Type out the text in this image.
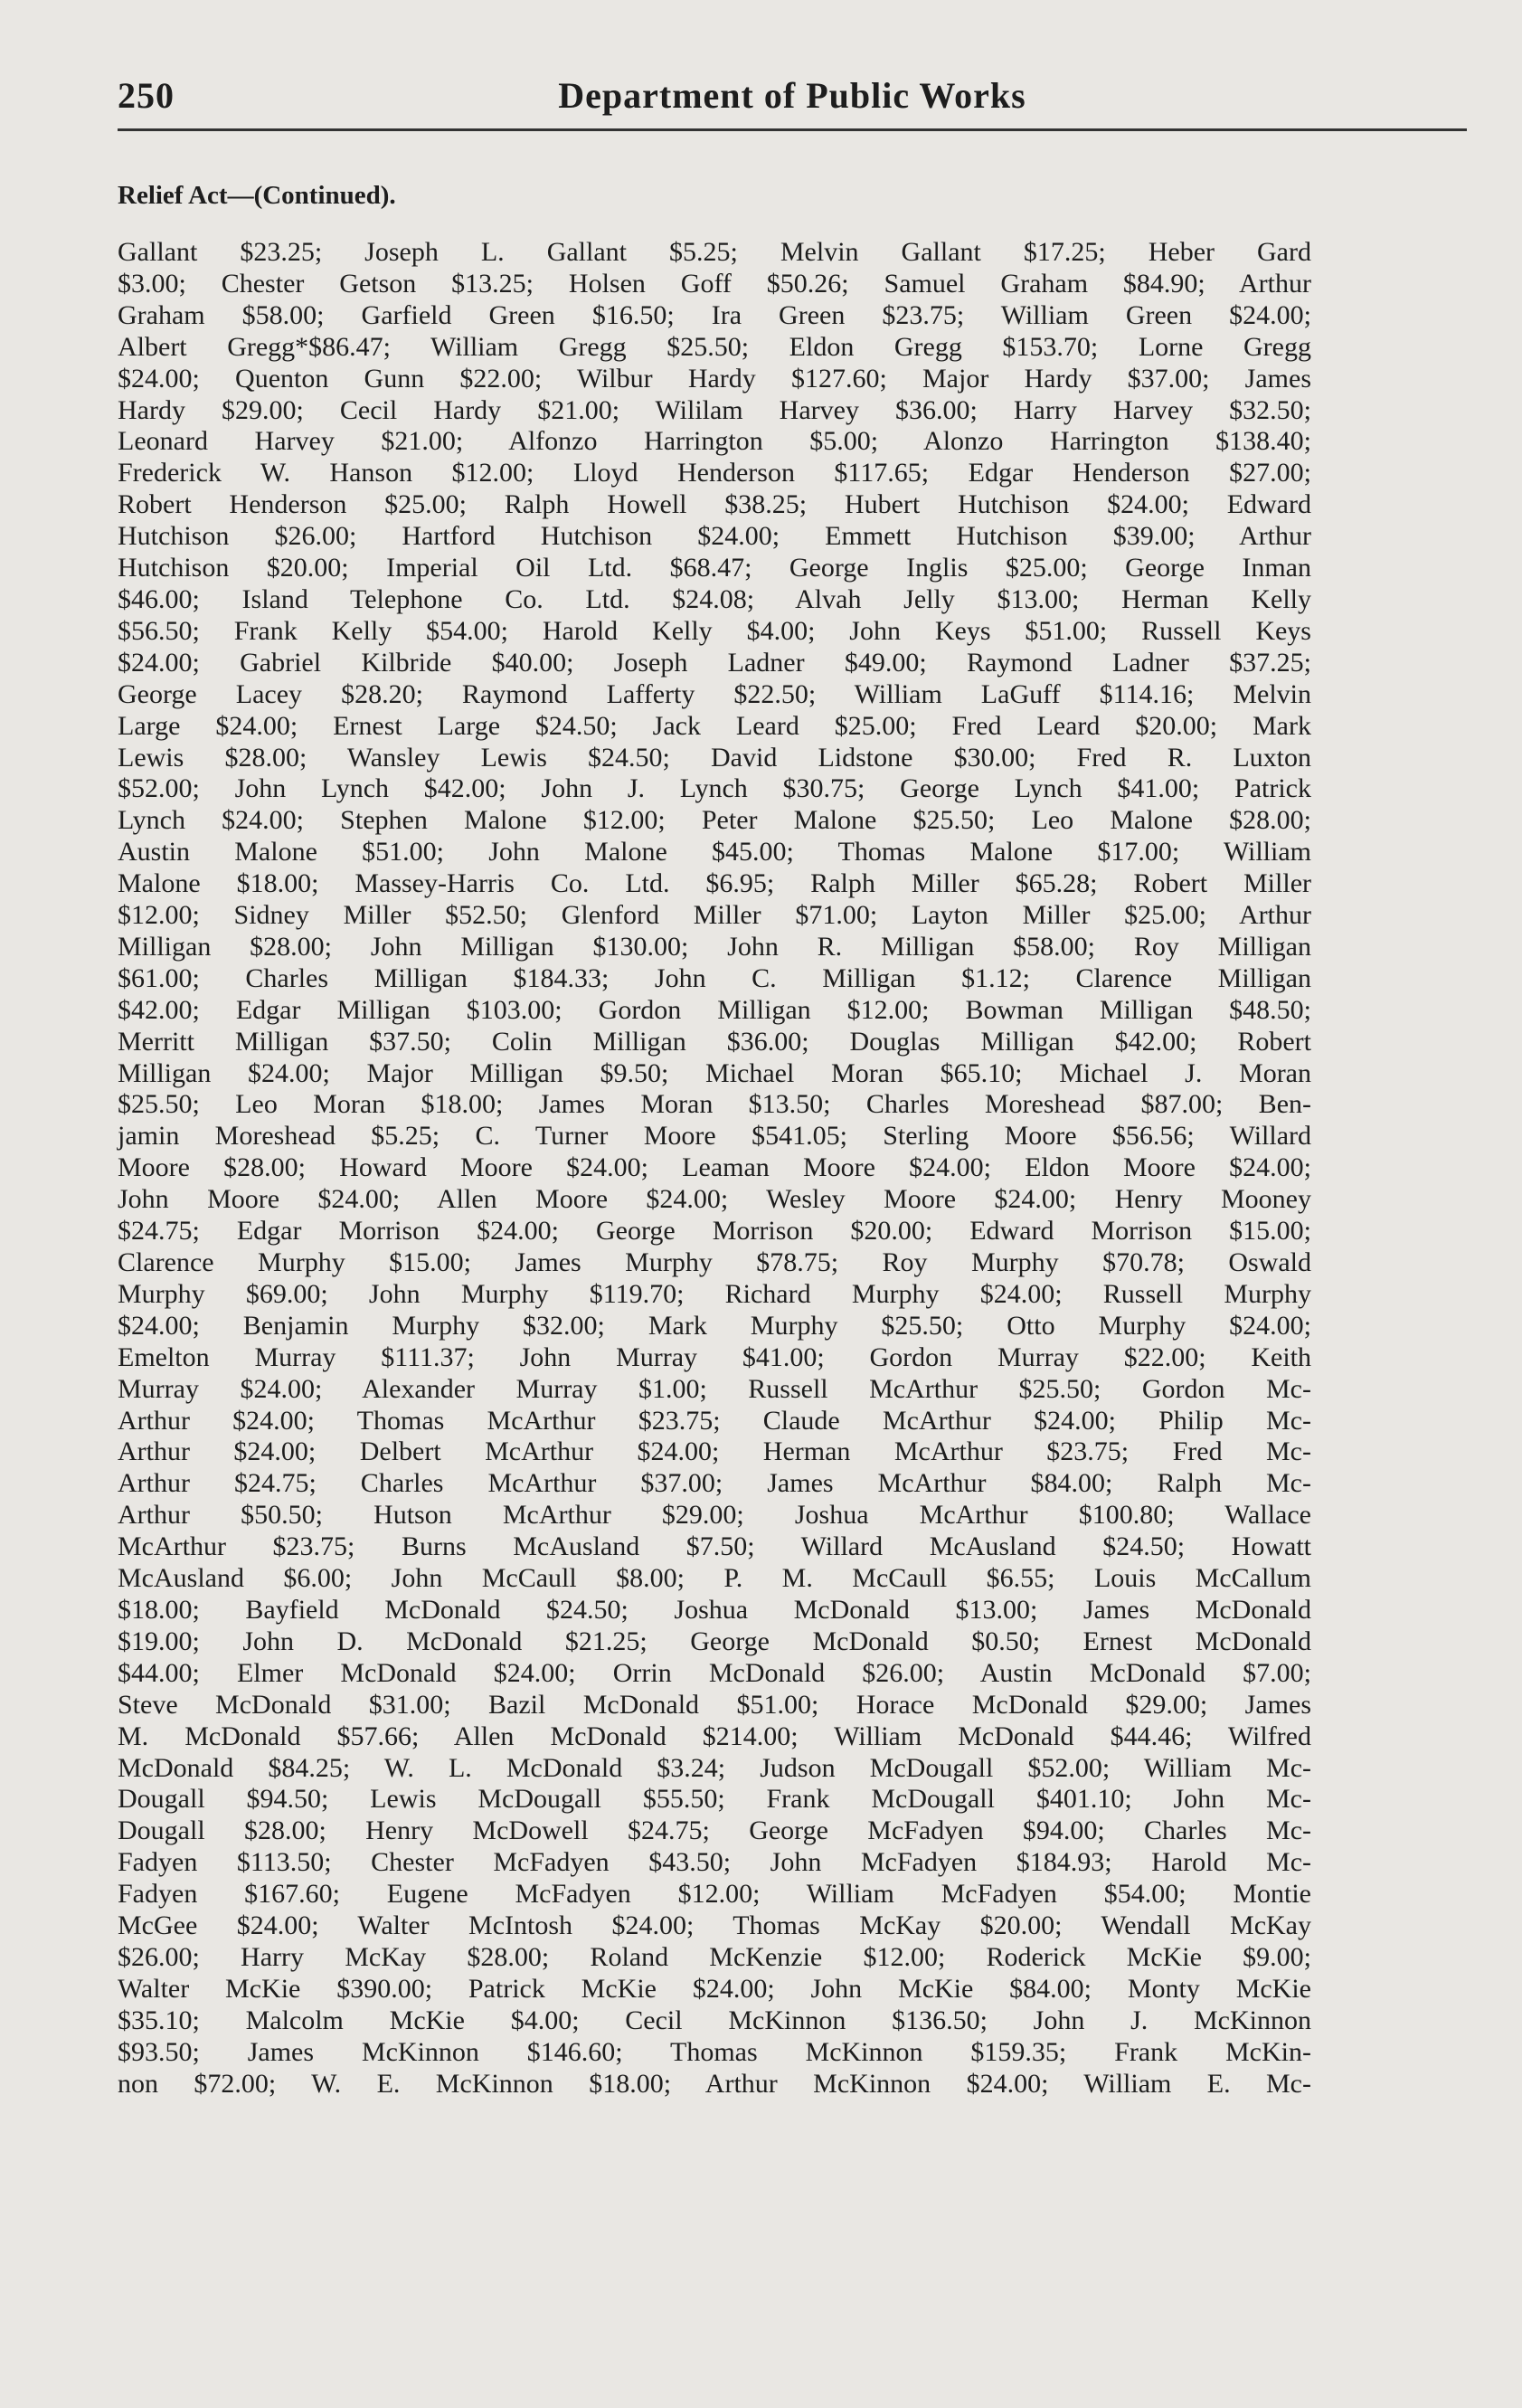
250	Department of Public Works
Relief Act—(Continued).
Gallant $23.25; Joseph L. Gallant $5.25; Melvin Gallant $17.25; Heber Gard
$3.00; Chester Getson $13.25; Holsen Goff $50.26; Samuel Graham $84.90; Arthur
Graham $58.00; Garfield Green $16.50; Ira Green $23.75; William Green $24.00;
Albert Gregg*$86.47; William Gregg $25.50; Eldon Gregg $153.70; Lorne Gregg
$24.00; Quenton Gunn $22.00; Wilbur Hardy $127.60; Major Hardy $37.00; James
Hardy $29.00; Cecil Hardy $21.00; Wililam Harvey $36.00; Harry Harvey $32.50;
Leonard Harvey $21.00; Alfonzo Harrington $5.00; Alonzo Harrington $138.40;
Frederick W. Hanson $12.00; Lloyd Henderson $117.65; Edgar Henderson $27.00;
Robert Henderson $25.00; Ralph Howell $38.25; Hubert Hutchison $24.00; Edward
Hutchison $26.00; Hartford Hutchison $24.00; Emmett Hutchison $39.00; Arthur
Hutchison $20.00; Imperial Oil Ltd. $68.47; George Inglis $25.00; George Inman
$46.00; Island Telephone Co. Ltd. $24.08; Alvah Jelly $13.00; Herman Kelly
$56.50; Frank Kelly $54.00; Harold Kelly $4.00; John Keys $51.00; Russell Keys
$24.00; Gabriel Kilbride $40.00; Joseph Ladner $49.00; Raymond Ladner $37.25;
George Lacey $28.20; Raymond Lafferty $22.50; William LaGuff $114.16; Melvin
Large $24.00; Ernest Large $24.50; Jack Leard $25.00; Fred Leard $20.00; Mark
Lewis $28.00; Wansley Lewis $24.50; David Lidstone $30.00; Fred R. Luxton
$52.00; John Lynch $42.00; John J. Lynch $30.75; George Lynch $41.00; Patrick
Lynch $24.00; Stephen Malone $12.00; Peter Malone $25.50; Leo Malone $28.00;
Austin Malone $51.00; John Malone $45.00; Thomas Malone $17.00; William
Malone $18.00; Massey-Harris Co. Ltd. $6.95; Ralph Miller $65.28; Robert Miller
$12.00; Sidney Miller $52.50; Glenford Miller $71.00; Layton Miller $25.00; Arthur
Milligan $28.00; John Milligan $130.00; John R. Milligan $58.00; Roy Milligan
$61.00; Charles Milligan $184.33; John C. Milligan $1.12; Clarence Milligan
$42.00; Edgar Milligan $103.00; Gordon Milligan $12.00; Bowman Milligan $48.50;
Merritt Milligan $37.50; Colin Milligan $36.00; Douglas Milligan $42.00; Robert
Milligan $24.00; Major Milligan $9.50; Michael Moran $65.10; Michael J. Moran
$25.50; Leo Moran $18.00; James Moran $13.50; Charles Moreshead $87.00; Ben-
jamin Moreshead $5.25; C. Turner Moore $541.05; Sterling Moore $56.56; Willard
Moore $28.00; Howard Moore $24.00; Leaman Moore $24.00; Eldon Moore $24.00;
John Moore $24.00; Allen Moore $24.00; Wesley Moore $24.00; Henry Mooney
$24.75; Edgar Morrison $24.00; George Morrison $20.00; Edward Morrison $15.00;
Clarence Murphy $15.00; James Murphy $78.75; Roy Murphy $70.78; Oswald
Murphy $69.00; John Murphy $119.70; Richard Murphy $24.00; Russell Murphy
$24.00; Benjamin Murphy $32.00; Mark Murphy $25.50; Otto Murphy $24.00;
Emelton Murray $111.37; John Murray $41.00; Gordon Murray $22.00; Keith
Murray $24.00; Alexander Murray $1.00; Russell McArthur $25.50; Gordon Mc-
Arthur $24.00; Thomas McArthur $23.75; Claude McArthur $24.00; Philip Mc-
Arthur $24.00; Delbert McArthur $24.00; Herman McArthur $23.75; Fred Mc-
Arthur $24.75; Charles McArthur $37.00; James McArthur $84.00; Ralph Mc-
Arthur $50.50; Hutson McArthur $29.00; Joshua McArthur $100.80; Wallace
McArthur $23.75; Burns McAusland $7.50; Willard McAusland $24.50; Howatt
McAusland $6.00; John McCaull $8.00; P. M. McCaull $6.55; Louis McCallum
$18.00; Bayfield McDonald $24.50; Joshua McDonald $13.00; James McDonald
$19.00; John D. McDonald $21.25; George McDonald $0.50; Ernest McDonald
$44.00; Elmer McDonald $24.00; Orrin McDonald $26.00; Austin McDonald $7.00;
Steve McDonald $31.00; Bazil McDonald $51.00; Horace McDonald $29.00; James
M. McDonald $57.66; Allen McDonald $214.00; William McDonald $44.46; Wilfred
McDonald $84.25; W. L. McDonald $3.24; Judson McDougall $52.00; William Mc-
Dougall $94.50; Lewis McDougall $55.50; Frank McDougall $401.10; John Mc-
Dougall $28.00; Henry McDowell $24.75; George McFadyen $94.00; Charles Mc-
Fadyen $113.50; Chester McFadyen $43.50; John McFadyen $184.93; Harold Mc-
Fadyen $167.60; Eugene McFadyen $12.00; William McFadyen $54.00; Montie
McGee $24.00; Walter McIntosh $24.00; Thomas McKay $20.00; Wendall McKay
$26.00; Harry McKay $28.00; Roland McKenzie $12.00; Roderick McKie $9.00;
Walter McKie $390.00; Patrick McKie $24.00; John McKie $84.00; Monty McKie
$35.10; Malcolm McKie $4.00; Cecil McKinnon $136.50; John J. McKinnon
$93.50; James McKinnon $146.60; Thomas McKinnon $159.35; Frank McKin-
non $72.00; W. E. McKinnon $18.00; Arthur McKinnon $24.00; William E. Mc-
